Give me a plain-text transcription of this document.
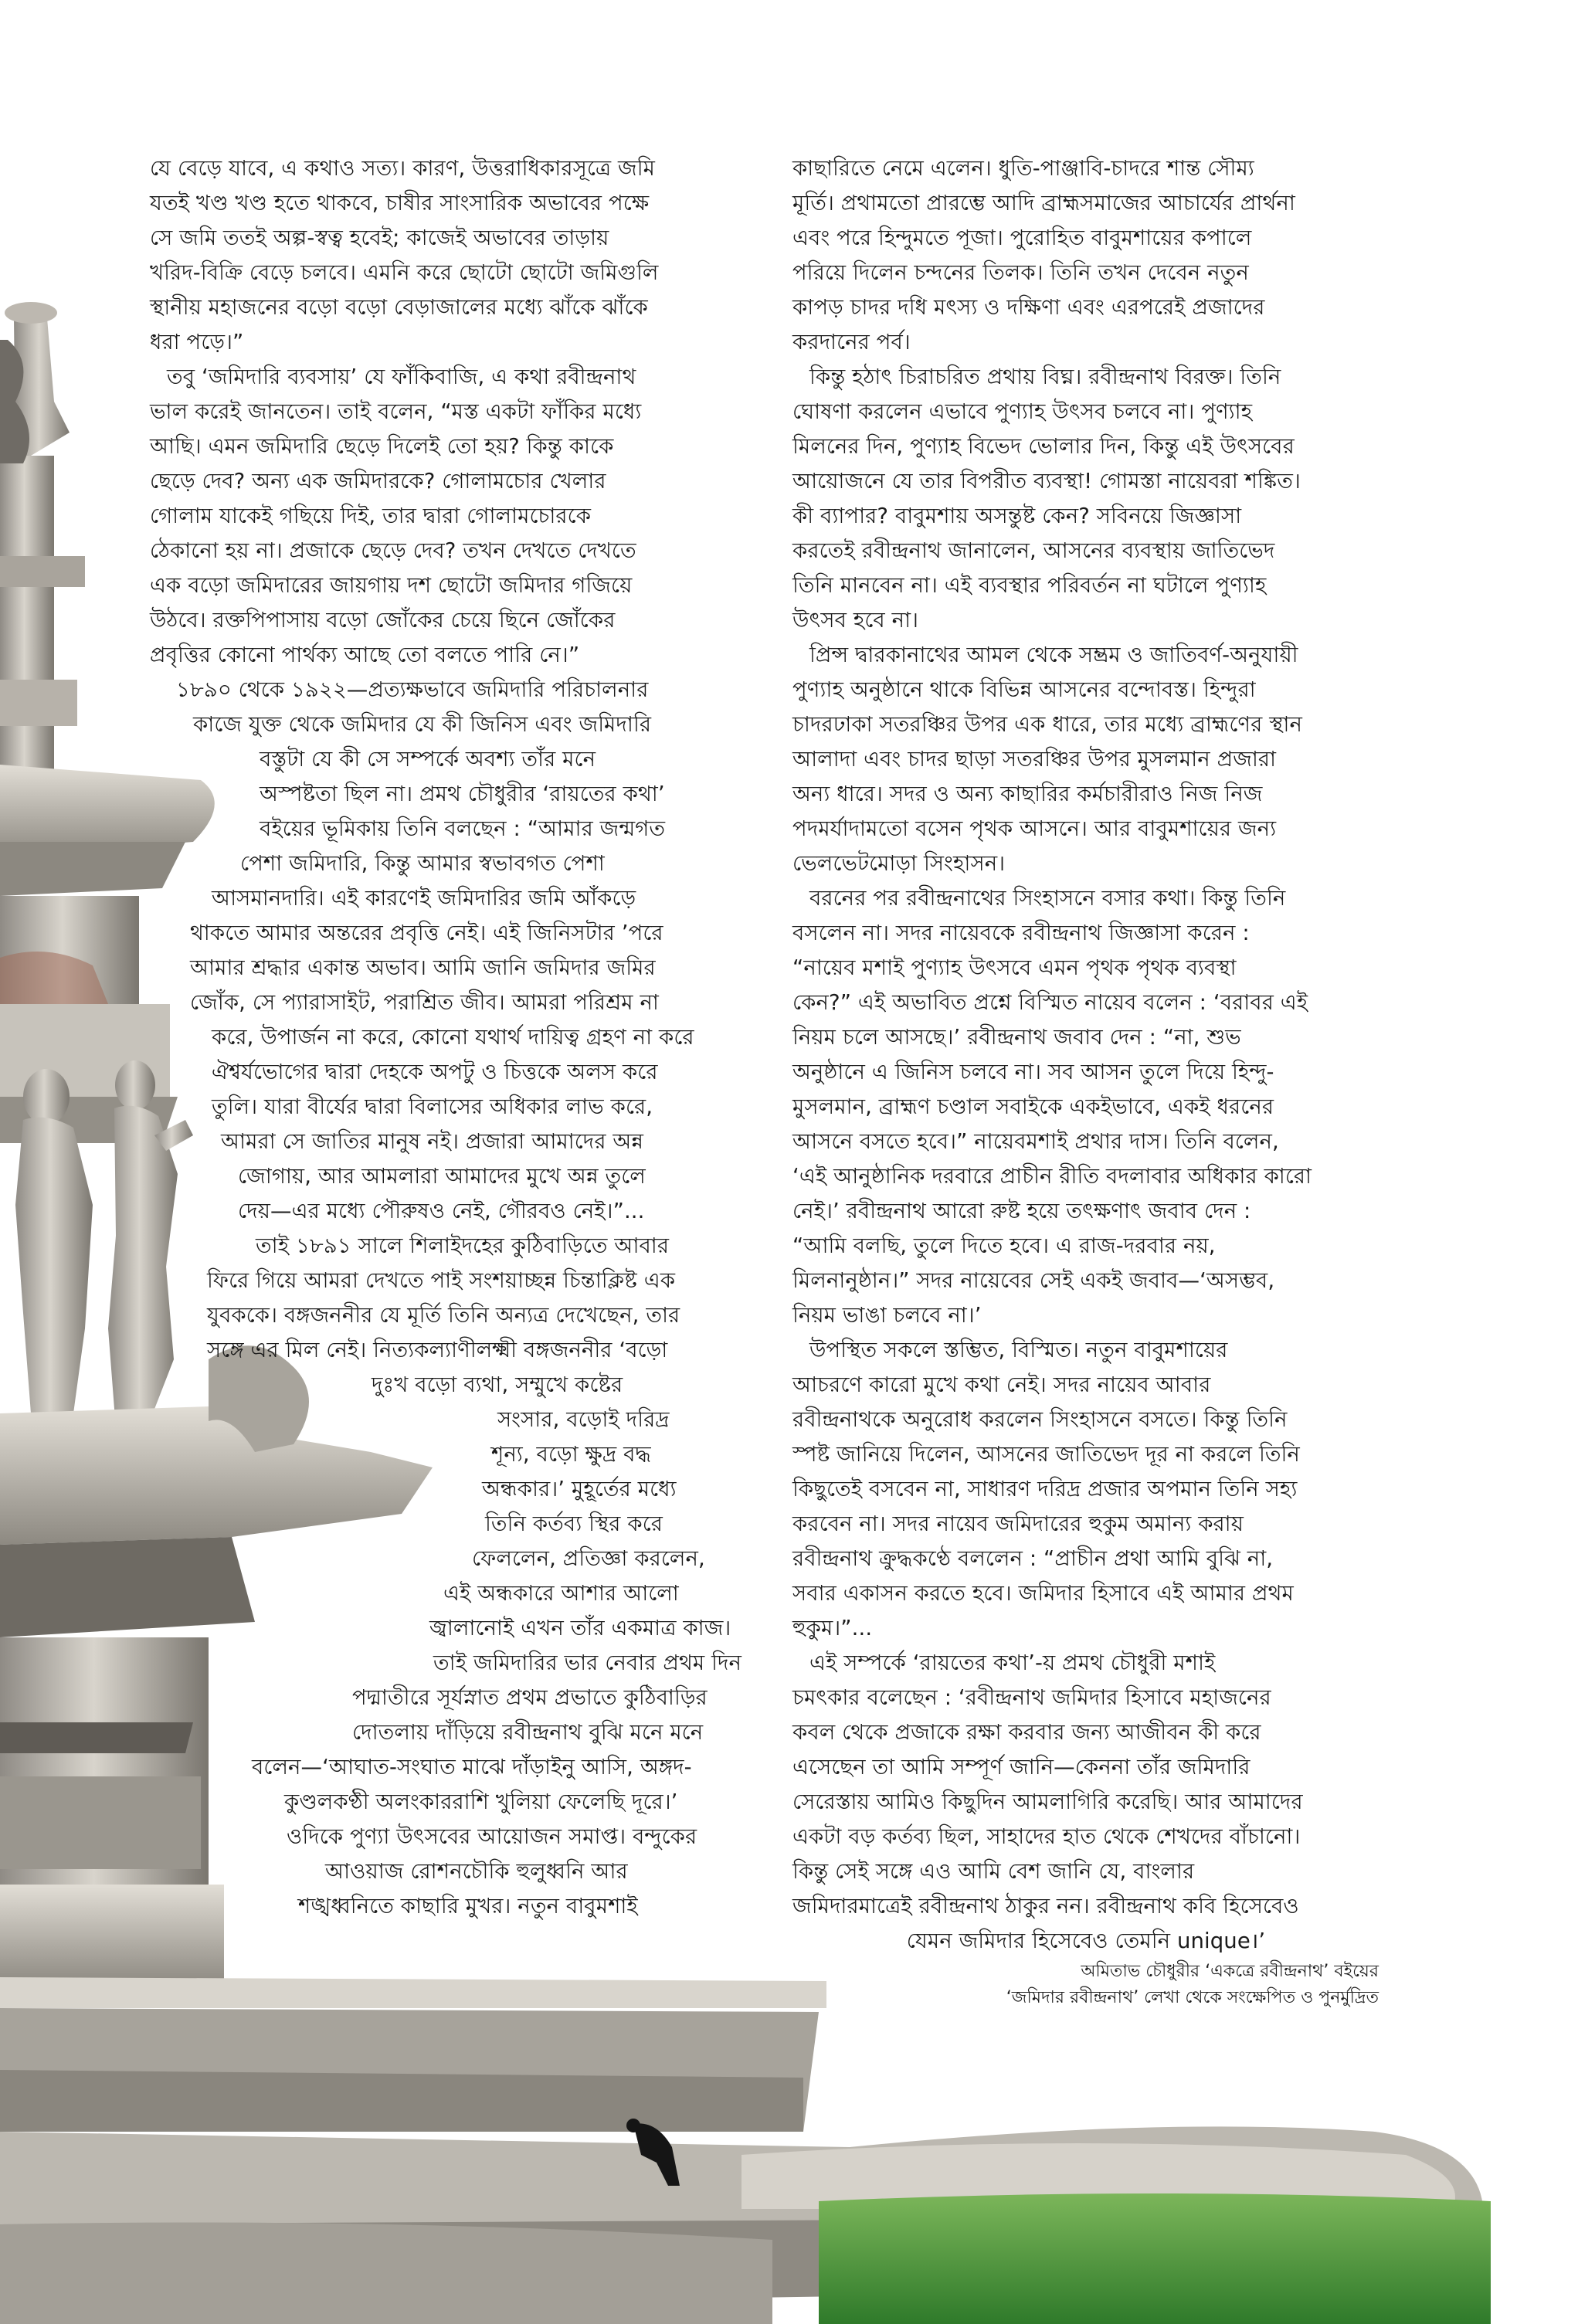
যে বেড়ে যাবে, এ কথাও সত্য। কারণ, উত্তরাধিকারসূত্রে জমি
যতই খণ্ড খণ্ড হতে থাকবে, চাষীর সাংসারিক অভাবের পক্ষে
সে জমি ততই অল্প-স্বত্ব হবেই; কাজেই অভাবের তাড়ায়
খরিদ-বিক্রি বেড়ে চলবে। এমনি করে ছোটো ছোটো জমিগুলি
স্থানীয় মহাজনের বড়ো বড়ো বেড়াজালের মধ্যে ঝাঁকে ঝাঁকে
ধরা পড়ে।”
তবু ‘জমিদারি ব্যবসায়’ যে ফাঁকিবাজি, এ কথা রবীন্দ্রনাথ
ভাল করেই জানতেন। তাই বলেন, “মস্ত একটা ফাঁকির মধ্যে
আছি। এমন জমিদারি ছেড়ে দিলেই তো হয়? কিন্তু কাকে
ছেড়ে দেব? অন্য এক জমিদারকে? গোলামচোর খেলার
গোলাম যাকেই গছিয়ে দিই, তার দ্বারা গোলামচোরকে
ঠেকানো হয় না। প্রজাকে ছেড়ে দেব? তখন দেখতে দেখতে
এক বড়ো জমিদারের জায়গায় দশ ছোটো জমিদার গজিয়ে
উঠবে। রক্তপিপাসায় বড়ো জোঁকের চেয়ে ছিনে জোঁকের
প্রবৃত্তির কোনো পার্থক্য আছে তো বলতে পারি নে।”
১৮৯০ থেকে ১৯২২—প্রত্যক্ষভাবে জমিদারি পরিচালনার
কাজে যুক্ত থেকে জমিদার যে কী জিনিস এবং জমিদারি
বস্তুটা যে কী সে সম্পর্কে অবশ্য তাঁর মনে
অস্পষ্টতা ছিল না। প্রমথ চৌধুরীর ‘রায়তের কথা’
বইয়ের ভূমিকায় তিনি বলছেন : “আমার জন্মগত
পেশা জমিদারি, কিন্তু আমার স্বভাবগত পেশা
আসমানদারি। এই কারণেই জমিদারির জমি আঁকড়ে
থাকতে আমার অন্তরের প্রবৃত্তি নেই। এই জিনিসটার ’পরে
আমার শ্রদ্ধার একান্ত অভাব। আমি জানি জমিদার জমির
জোঁক, সে প্যারাসাইট, পরাশ্রিত জীব। আমরা পরিশ্রম না
করে, উপার্জন না করে, কোনো যথার্থ দায়িত্ব গ্রহণ না করে
ঐশ্বর্যভোগের দ্বারা দেহকে অপটু ও চিত্তকে অলস করে
তুলি। যারা বীর্যের দ্বারা বিলাসের অধিকার লাভ করে,
আমরা সে জাতির মানুষ নই। প্রজারা আমাদের অন্ন
জোগায়, আর আমলারা আমাদের মুখে অন্ন তুলে
দেয়—এর মধ্যে পৌরুষও নেই, গৌরবও নেই।”...
তাই ১৮৯১ সালে শিলাইদহের কুঠিবাড়িতে আবার
ফিরে গিয়ে আমরা দেখতে পাই সংশয়াচ্ছন্ন চিন্তাক্লিষ্ট এক
যুবককে। বঙ্গজননীর যে মূর্তি তিনি অন্যত্র দেখেছেন, তার
সঙ্গে এর মিল নেই। নিত্যকল্যাণীলক্ষ্মী বঙ্গজননীর ‘বড়ো
দুঃখ বড়ো ব্যথা, সম্মুখে কষ্টের
সংসার, বড়োই দরিদ্র
শূন্য, বড়ো ক্ষুদ্র বদ্ধ
অন্ধকার।’ মুহূর্তের মধ্যে
তিনি কর্তব্য স্থির করে
ফেললেন, প্রতিজ্ঞা করলেন,
এই অন্ধকারে আশার আলো
জ্বালানোই এখন তাঁর একমাত্র কাজ।
তাই জমিদারির ভার নেবার প্রথম দিন
পদ্মাতীরে সূর্যস্নাত প্রথম প্রভাতে কুঠিবাড়ির
দোতলায় দাঁড়িয়ে রবীন্দ্রনাথ বুঝি মনে মনে
বলেন—‘আঘাত-সংঘাত মাঝে দাঁড়াইনু আসি, অঙ্গদ-
কুণ্ডলকণ্ঠী অলংকাররাশি খুলিয়া ফেলেছি দূরে।’
ওদিকে পুণ্যা উৎসবের আয়োজন সমাপ্ত। বন্দুকের
আওয়াজ রোশনচৌকি হুলুধ্বনি আর
শঙ্খধ্বনিতে কাছারি মুখর। নতুন বাবুমশাই
কাছারিতে নেমে এলেন। ধুতি-পাঞ্জাবি-চাদরে শান্ত সৌম্য
মূর্তি। প্রথামতো প্রারম্ভে আদি ব্রাহ্মসমাজের আচার্যের প্রার্থনা
এবং পরে হিন্দুমতে পূজা। পুরোহিত বাবুমশায়ের কপালে
পরিয়ে দিলেন চন্দনের তিলক। তিনি তখন দেবেন নতুন
কাপড় চাদর দধি মৎস্য ও দক্ষিণা এবং এরপরেই প্রজাদের
করদানের পর্ব।
কিন্তু হঠাৎ চিরাচরিত প্রথায় বিঘ্ন। রবীন্দ্রনাথ বিরক্ত। তিনি
ঘোষণা করলেন এভাবে পুণ্যাহ উৎসব চলবে না। পুণ্যাহ
মিলনের দিন, পুণ্যাহ বিভেদ ভোলার দিন, কিন্তু এই উৎসবের
আয়োজনে যে তার বিপরীত ব্যবস্থা! গোমস্তা নায়েবরা শঙ্কিত।
কী ব্যাপার? বাবুমশায় অসন্তুষ্ট কেন? সবিনয়ে জিজ্ঞাসা
করতেই রবীন্দ্রনাথ জানালেন, আসনের ব্যবস্থায় জাতিভেদ
তিনি মানবেন না। এই ব্যবস্থার পরিবর্তন না ঘটালে পুণ্যাহ
উৎসব হবে না।
প্রিন্স দ্বারকানাথের আমল থেকে সম্ভ্রম ও জাতিবর্ণ-অনুযায়ী
পুণ্যাহ অনুষ্ঠানে থাকে বিভিন্ন আসনের বন্দোবস্ত। হিন্দুরা
চাদরঢাকা সতরঞ্চির উপর এক ধারে, তার মধ্যে ব্রাহ্মণের স্থান
আলাদা এবং চাদর ছাড়া সতরঞ্চির উপর মুসলমান প্রজারা
অন্য ধারে। সদর ও অন্য কাছারির কর্মচারীরাও নিজ নিজ
পদমর্যাদামতো বসেন পৃথক আসনে। আর বাবুমশায়ের জন্য
ভেলভেটমোড়া সিংহাসন।
বরনের পর রবীন্দ্রনাথের সিংহাসনে বসার কথা। কিন্তু তিনি
বসলেন না। সদর নায়েবকে রবীন্দ্রনাথ জিজ্ঞাসা করেন :
“নায়েব মশাই পুণ্যাহ উৎসবে এমন পৃথক পৃথক ব্যবস্থা
কেন?” এই অভাবিত প্রশ্নে বিস্মিত নায়েব বলেন : ‘বরাবর এই
নিয়ম চলে আসছে।’ রবীন্দ্রনাথ জবাব দেন : “না, শুভ
অনুষ্ঠানে এ জিনিস চলবে না। সব আসন তুলে দিয়ে হিন্দু-
মুসলমান, ব্রাহ্মণ চণ্ডাল সবাইকে একইভাবে, একই ধরনের
আসনে বসতে হবে।” নায়েবমশাই প্রথার দাস। তিনি বলেন,
‘এই আনুষ্ঠানিক দরবারে প্রাচীন রীতি বদলাবার অধিকার কারো
নেই।’ রবীন্দ্রনাথ আরো রুষ্ট হয়ে তৎক্ষণাৎ জবাব দেন :
“আমি বলছি, তুলে দিতে হবে। এ রাজ-দরবার নয়,
মিলনানুষ্ঠান।” সদর নায়েবের সেই একই জবাব—‘অসম্ভব,
নিয়ম ভাঙা চলবে না।’
উপস্থিত সকলে স্তম্ভিত, বিস্মিত। নতুন বাবুমশায়ের
আচরণে কারো মুখে কথা নেই। সদর নায়েব আবার
রবীন্দ্রনাথকে অনুরোধ করলেন সিংহাসনে বসতে। কিন্তু তিনি
স্পষ্ট জানিয়ে দিলেন, আসনের জাতিভেদ দূর না করলে তিনি
কিছুতেই বসবেন না, সাধারণ দরিদ্র প্রজার অপমান তিনি সহ্য
করবেন না। সদর নায়েব জমিদারের হুকুম অমান্য করায়
রবীন্দ্রনাথ ক্রুদ্ধকণ্ঠে বললেন : “প্রাচীন প্রথা আমি বুঝি না,
সবার একাসন করতে হবে। জমিদার হিসাবে এই আমার প্রথম
হুকুম।”...
এই সম্পর্কে ‘রায়তের কথা’-য় প্রমথ চৌধুরী মশাই
চমৎকার বলেছেন : ‘রবীন্দ্রনাথ জমিদার হিসাবে মহাজনের
কবল থেকে প্রজাকে রক্ষা করবার জন্য আজীবন কী করে
এসেছেন তা আমি সম্পূর্ণ জানি—কেননা তাঁর জমিদারি
সেরেস্তায় আমিও কিছুদিন আমলাগিরি করেছি। আর আমাদের
একটা বড় কর্তব্য ছিল, সাহাদের হাত থেকে শেখদের বাঁচানো।
কিন্তু সেই সঙ্গে এও আমি বেশ জানি যে, বাংলার
জমিদারমাত্রেই রবীন্দ্রনাথ ঠাকুর নন। রবীন্দ্রনাথ কবি হিসেবেও
যেমন জমিদার হিসেবেও তেমনি unique।’
অমিতাভ চৌধুরীর ‘একত্রে রবীন্দ্রনাথ’ বইয়ের
‘জমিদার রবীন্দ্রনাথ’ লেখা থেকে সংক্ষেপিত ও পুনর্মুদ্রিত
